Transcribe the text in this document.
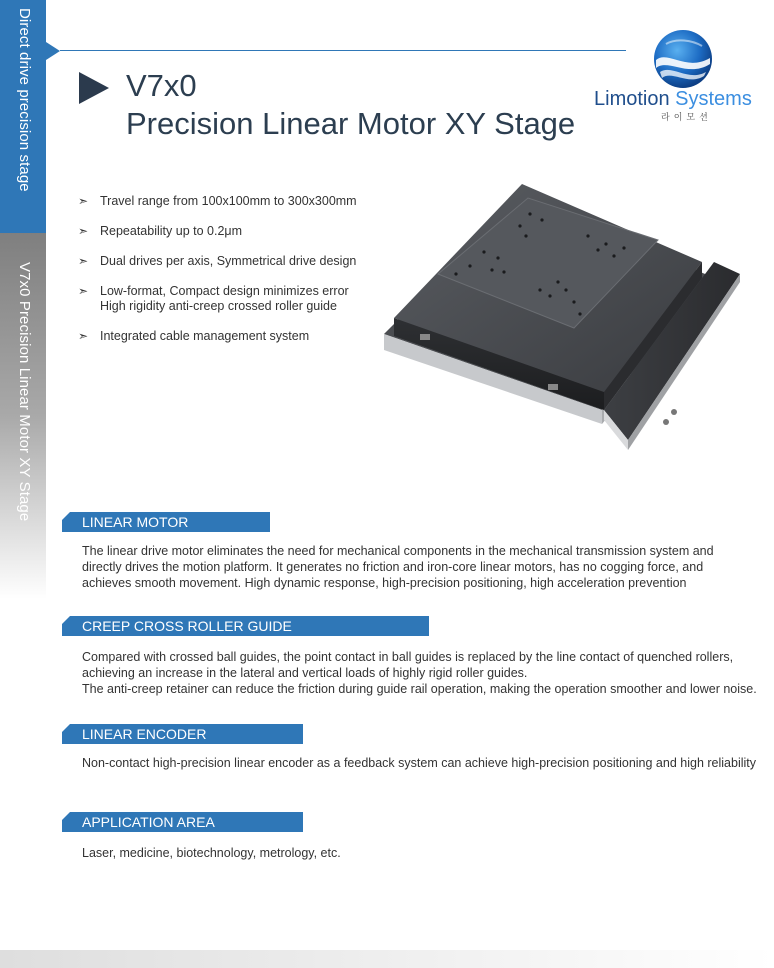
Direct drive precision stage
V7x0 Precision Linear Motor XY Stage
V7x0
Precision Linear Motor XY Stage
Limotion Systems
라이모션
➣ Travel range from 100x100mm to 300x300mm
➣ Repeatability up to 0.2μm
➣ Dual drives per axis, Symmetrical drive design
➣ Low-format, Compact design minimizes error
High rigidity anti-creep crossed roller guide
➣ Integrated cable management system
LINEAR MOTOR

The linear drive motor eliminates the need for mechanical components in the mechanical transmission system and directly drives the motion platform. It generates no friction and iron-core linear motors, has no cogging force, and achieves smooth movement. High dynamic response, high-precision positioning, high acceleration prevention

CREEP CROSS ROLLER GUIDE

Compared with crossed ball guides, the point contact in ball guides is replaced by the line contact of quenched rollers, achieving an increase in the lateral and vertical loads of highly rigid roller guides.

The anti-creep retainer can reduce the friction during guide rail operation, making the operation smoother and lower noise.

LINEAR ENCODER

Non-contact high-precision linear encoder as a feedback system can achieve high-precision positioning and high reliability

APPLICATION AREA

Laser, medicine, biotechnology, metrology, etc.
